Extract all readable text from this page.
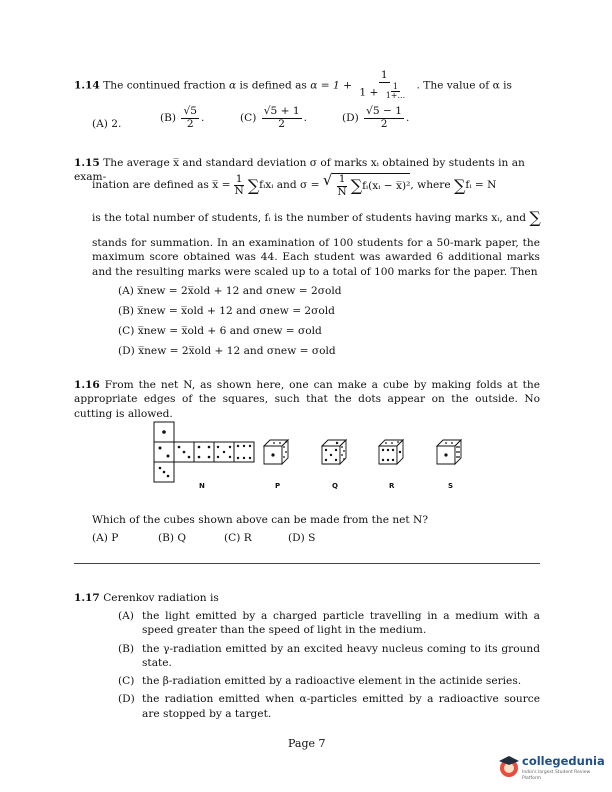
1.14 The continued fraction α is defined as $\alpha = 1 + \frac{1}{1 + \frac{1}{1+...}}$ . The value of α is
(A)
2.
(B)
$\frac{√5}{2}$ .	(C)
$\frac{√5 + 1}{2}$ .	(D)
$\frac{√5 - 1}{2}$ .
1.15 The average x̅ and standard deviation σ of marks xᵢ obtained by students in an exam-
ination are defined as x̅ = $\frac{1}{N}$ ∑ fᵢxᵢ
and σ =
√ $\frac{1}{N}$ ∑ fᵢ(xᵢ − x̅)² , where
∑ fᵢ = N
is the total number of students, fᵢ is the number of students having marks xᵢ, and
∑
stands for summation. In an examination of 100 students for a 50-mark paper, the maximum score obtained was 44. Each student was awarded 6 additional marks and the resulting marks were scaled up to a total of 100 marks for the paper. Then
(A) x̅new = 2x̅old + 12 and σnew = 2σold
(B) x̅new = x̅old + 12 and σnew = 2σold
(C) x̅new = x̅old + 6 and σnew = σold
(D) x̅new = 2x̅old + 12 and σnew = σold
1.16 From the net N, as shown here, one can make a cube by making folds at the appropriate edges of the squares, such that the dots appear on the outside. No cutting is allowed.
N	P	Q	R	S
Which of the cubes shown above can be made from the net N?
(A) P	(B) Q	(C) R	(D) S
1.17 Cerenkov radiation is
(A) the light emitted by a charged particle travelling in a medium with a speed greater than the speed of light in the medium.
(B) the γ-radiation emitted by an excited heavy nucleus coming to its ground state.
(C) the β-radiation emitted by a radioactive element in the actinide series.
(D) the radiation emitted when α-particles emitted by a radioactive source are stopped by a target.
Page 7
collegedunia
India's largest Student Review Platform
